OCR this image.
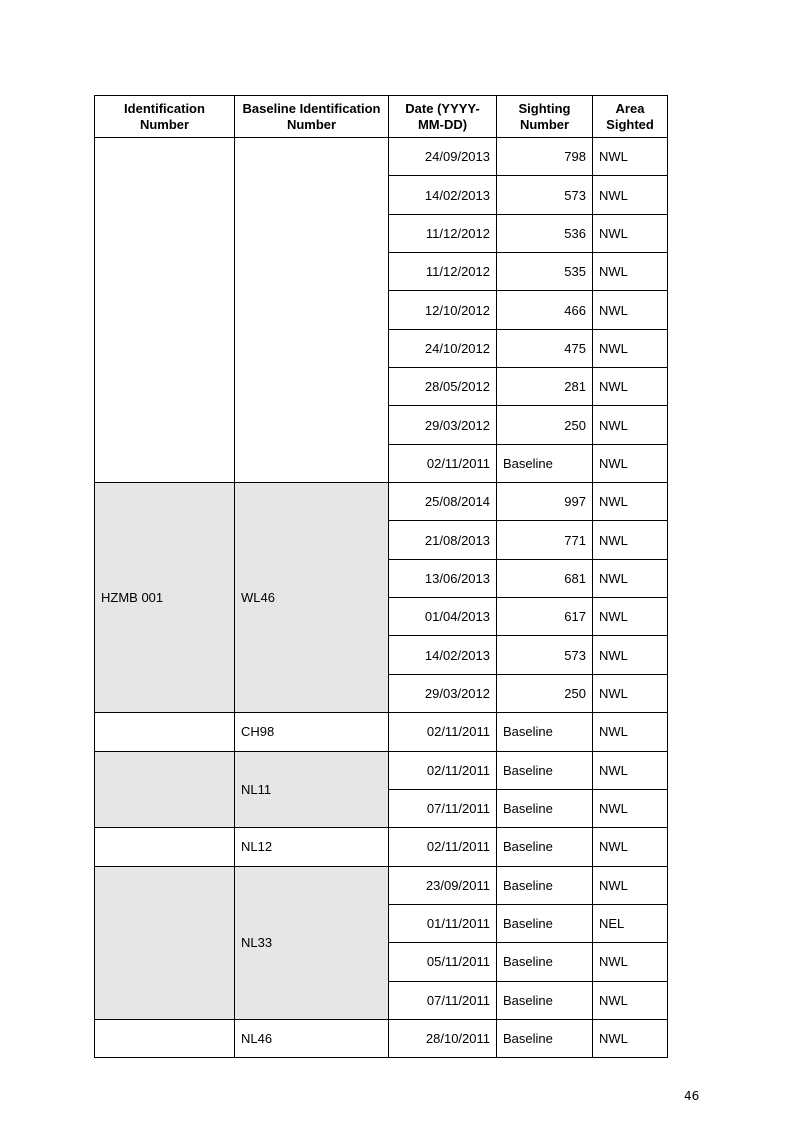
Identification Number	Baseline Identification Number	Date (YYYY-MM-DD)	Sighting Number	Area Sighted
		24/09/2013	798	NWL
		14/02/2013	573	NWL
		11/12/2012	536	NWL
		11/12/2012	535	NWL
		12/10/2012	466	NWL
		24/10/2012	475	NWL
		28/05/2012	281	NWL
		29/03/2012	250	NWL
		02/11/2011	Baseline	NWL
HZMB 001	WL46	25/08/2014	997	NWL
		21/08/2013	771	NWL
		13/06/2013	681	NWL
		01/04/2013	617	NWL
		14/02/2013	573	NWL
		29/03/2012	250	NWL
	CH98	02/11/2011	Baseline	NWL
	NL11	02/11/2011	Baseline	NWL
		07/11/2011	Baseline	NWL
	NL12	02/11/2011	Baseline	NWL
	NL33	23/09/2011	Baseline	NWL
		01/11/2011	Baseline	NEL
		05/11/2011	Baseline	NWL
		07/11/2011	Baseline	NWL
	NL46	28/10/2011	Baseline	NWL
46
